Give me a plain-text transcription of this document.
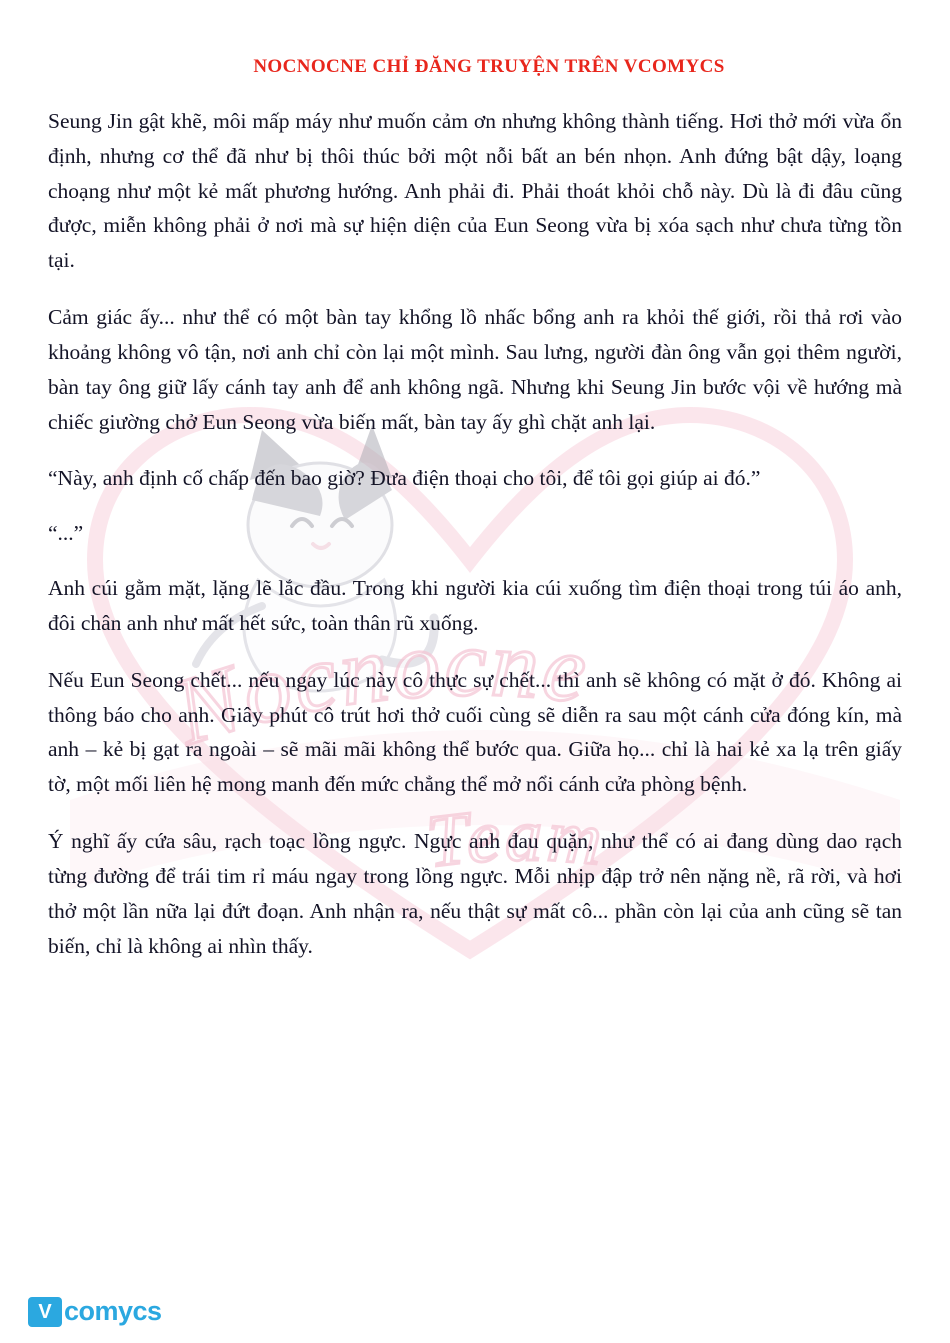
Nocnocne
Team
NOCNOCNE CHỈ ĐĂNG TRUYỆN TRÊN VCOMYCS

Seung Jin gật khẽ, môi mấp máy như muốn cảm ơn nhưng không thành tiếng. Hơi thở mới vừa ổn định, nhưng cơ thể đã như bị thôi thúc bởi một nỗi bất an bén nhọn. Anh đứng bật dậy, loạng choạng như một kẻ mất phương hướng. Anh phải đi. Phải thoát khỏi chỗ này. Dù là đi đâu cũng được, miễn không phải ở nơi mà sự hiện diện của Eun Seong vừa bị xóa sạch như chưa từng tồn tại.

Cảm giác ấy... như thể có một bàn tay khổng lồ nhấc bổng anh ra khỏi thế giới, rồi thả rơi vào khoảng không vô tận, nơi anh chỉ còn lại một mình. Sau lưng, người đàn ông vẫn gọi thêm người, bàn tay ông giữ lấy cánh tay anh để anh không ngã. Nhưng khi Seung Jin bước vội về hướng mà chiếc giường chở Eun Seong vừa biến mất, bàn tay ấy ghì chặt anh lại.

“Này, anh định cố chấp đến bao giờ? Đưa điện thoại cho tôi, để tôi gọi giúp ai đó.”

“...”

Anh cúi gằm mặt, lặng lẽ lắc đầu. Trong khi người kia cúi xuống tìm điện thoại trong túi áo anh, đôi chân anh như mất hết sức, toàn thân rũ xuống.

Nếu Eun Seong chết... nếu ngay lúc này cô thực sự chết... thì anh sẽ không có mặt ở đó. Không ai thông báo cho anh. Giây phút cô trút hơi thở cuối cùng sẽ diễn ra sau một cánh cửa đóng kín, mà anh – kẻ bị gạt ra ngoài – sẽ mãi mãi không thể bước qua. Giữa họ... chỉ là hai kẻ xa lạ trên giấy tờ, một mối liên hệ mong manh đến mức chẳng thể mở nổi cánh cửa phòng bệnh.

Ý nghĩ ấy cứa sâu, rạch toạc lồng ngực. Ngực anh đau quặn, như thể có ai đang dùng dao rạch từng đường để trái tim rỉ máu ngay trong lồng ngực. Mỗi nhịp đập trở nên nặng nề, rã rời, và hơi thở một lần nữa lại đứt đoạn. Anh nhận ra, nếu thật sự mất cô... phần còn lại của anh cũng sẽ tan biến, chỉ là không ai nhìn thấy.

V comycs
